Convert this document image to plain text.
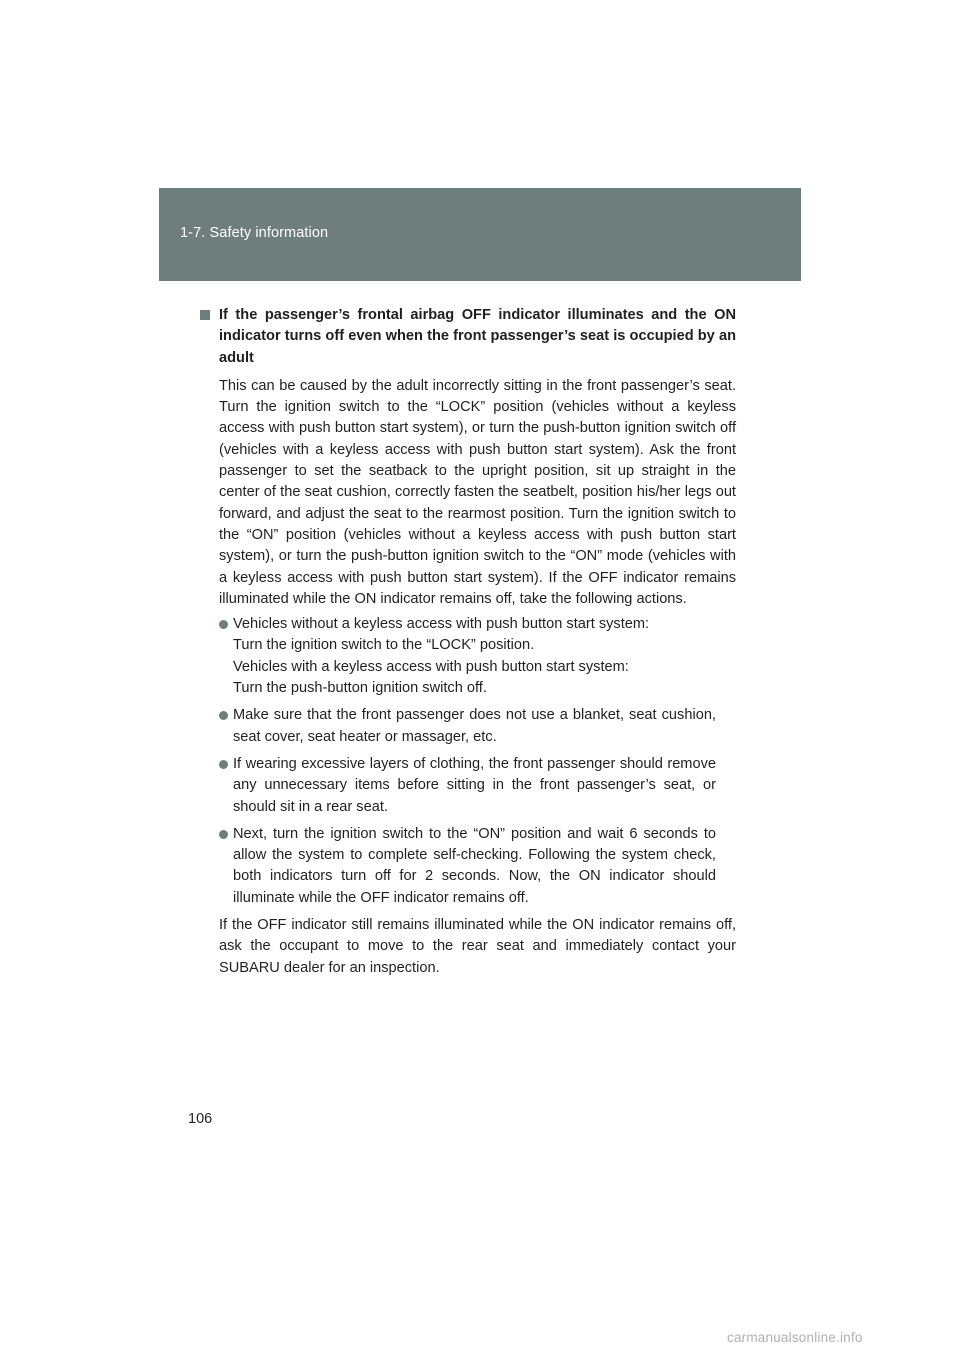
1-7. Safety information
If the passenger’s frontal airbag OFF indicator illuminates and the ON indicator turns off even when the front passenger’s seat is occupied by an adult

This can be caused by the adult incorrectly sitting in the front passenger’s seat. Turn the ignition switch to the “LOCK” position (vehicles without a keyless access with push button start system), or turn the push-button ignition switch off (vehicles with a keyless access with push button start system). Ask the front passenger to set the seatback to the upright position, sit up straight in the center of the seat cushion, correctly fasten the seatbelt, position his/her legs out forward, and adjust the seat to the rearmost position. Turn the ignition switch to the “ON” position (vehicles without a keyless access with push button start system), or turn the push-button ignition switch to the “ON” mode (vehicles with a keyless access with push button start system). If the OFF indicator remains illuminated while the ON indicator remains off, take the following actions.

Vehicles without a keyless access with push button start system:

Turn the ignition switch to the “LOCK” position.

Vehicles with a keyless access with push button start system:

Turn the push-button ignition switch off.

Make sure that the front passenger does not use a blanket, seat cushion, seat cover, seat heater or massager, etc.
If wearing excessive layers of clothing, the front passenger should remove any unnecessary items before sitting in the front passenger’s seat, or should sit in a rear seat.
Next, turn the ignition switch to the “ON” position and wait 6 seconds to allow the system to complete self-checking. Following the system check, both indicators turn off for 2 seconds. Now, the ON indicator should illuminate while the OFF indicator remains off.

If the OFF indicator still remains illuminated while the ON indicator remains off, ask the occupant to move to the rear seat and immediately contact your SUBARU dealer for an inspection.

106
carmanualsonline.info
